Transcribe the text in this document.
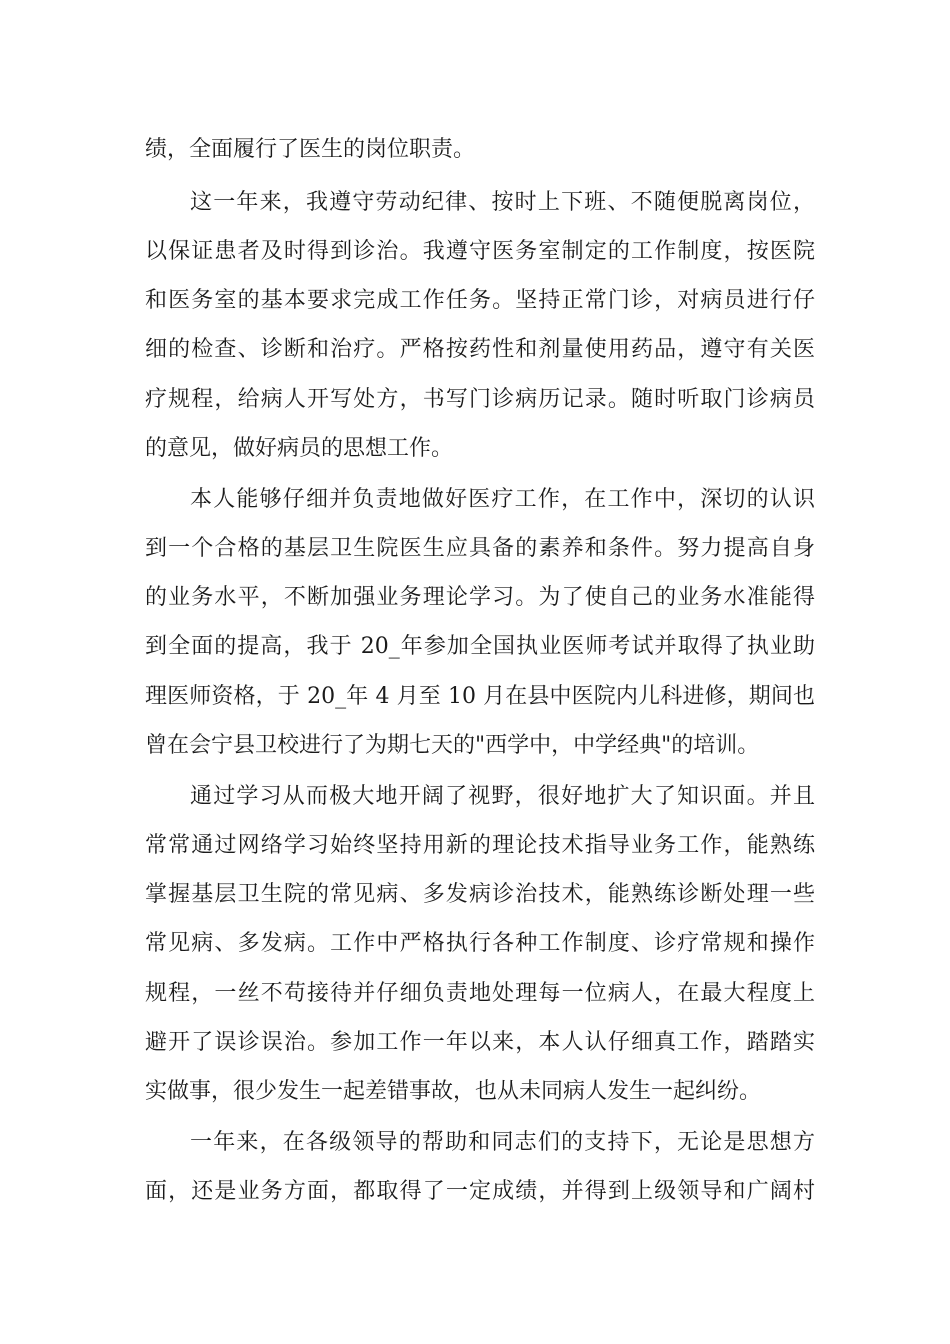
绩，全面履行了医生的岗位职责。
这一年来，我遵守劳动纪律、按时上下班、不随便脱离岗位，
以保证患者及时得到诊治。我遵守医务室制定的工作制度，按医院
和医务室的基本要求完成工作任务。坚持正常门诊，对病员进行仔
细的检查、诊断和治疗。严格按药性和剂量使用药品，遵守有关医
疗规程，给病人开写处方，书写门诊病历记录。随时听取门诊病员
的意见，做好病员的思想工作。
本人能够仔细并负责地做好医疗工作，在工作中，深切的认识
到一个合格的基层卫生院医生应具备的素养和条件。努力提高自身
的业务水平，不断加强业务理论学习。为了使自己的业务水准能得
到全面的提高，我于 20_年参加全国执业医师考试并取得了执业助
理医师资格，于 20_年 4 月至 10 月在县中医院内儿科进修，期间也
曾在会宁县卫校进行了为期七天的"西学中，中学经典"的培训。
通过学习从而极大地开阔了视野，很好地扩大了知识面。并且
常常通过网络学习始终坚持用新的理论技术指导业务工作，能熟练
掌握基层卫生院的常见病、多发病诊治技术，能熟练诊断处理一些
常见病、多发病。工作中严格执行各种工作制度、诊疗常规和操作
规程，一丝不苟接待并仔细负责地处理每一位病人，在最大程度上
避开了误诊误治。参加工作一年以来，本人认仔细真工作，踏踏实
实做事，很少发生一起差错事故，也从未同病人发生一起纠纷。
一年来，在各级领导的帮助和同志们的支持下，无论是思想方
面，还是业务方面，都取得了一定成绩，并得到上级领导和广阔村
